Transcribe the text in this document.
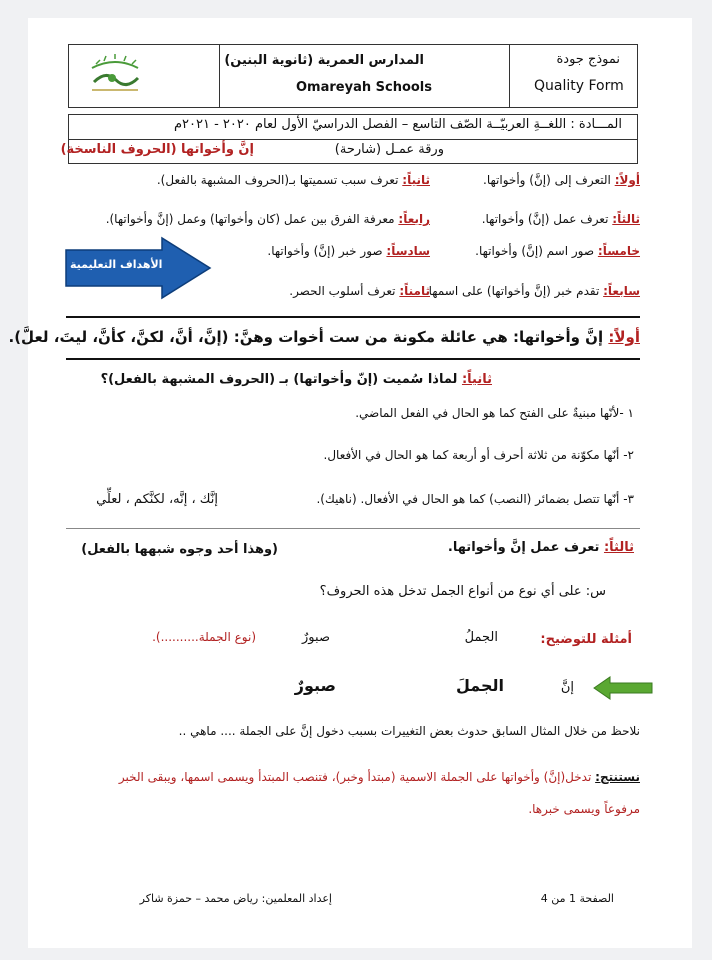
المدارس العمرية (ثانوية البنين)
Omareyah Schools
نموذج جودة
Quality Form
المـــادة : اللغــةِ العربيّــة الصّف التاسع – الفصل الدراسيّ الأول لعام ٢٠٢٠ - ٢٠٢١م
ورقة عمـل (شارحة)
إنَّ وأخواتها (الحروف الناسخة)
أولاً: التعرف إلى (إنَّ) وأخواتها.
ثانياً: تعرف سبب تسميتها بـ(الحروف المشبهة بالفعل).
ثالثاً: تعرف عمل (إنَّ) وأخواتها.
رابعاً: معرفة الفرق بين عمل (كان وأخواتها) وعمل (إنَّ وأخواتها).
خامساً: صور اسم (إنَّ) وأخواتها.
سادساً: صور خبر (إنَّ) وأخواتها.
سابعاً: تقدم خبر (إنَّ وأخواتها) على اسمها
ثامناً: تعرف أسلوب الحصر.
الأهداف التعليمية
أولاً: إنَّ وأخواتها: هي عائلة مكونة من ست أخوات وهنَّ: (إنَّ، أنَّ، لكنَّ، كأنَّ، ليتَ، لعلَّ).
ثانياً: لماذا سُميت (إنّ وأخواتها) بـ (الحروف المشبهة بالفعل)؟
١ -لأنّها مبنيةٌ على الفتح كما هو الحال في الفعل الماضي.
٢- أنّها مكوّنة من ثلاثة أحرف أو أربعة كما هو الحال في الأفعال.
٣- أنّها تتصل بضمائر (النصب) كما هو الحال في الأفعال. (ناهيك).
إنَّك ، إنَّه، لكنَّكم ، لعلِّي
ثالثاً: تعرف عمل إنَّ وأخواتها.
(وهذا أحد وجوه شبهها بالفعل)
س: على أي نوع من أنواع الجمل تدخل هذه الحروف؟
أمثلة للتوضيح:
الجملُ
صبورٌ
(نوع الجملة..........).
إنَّ
الجملَ
صبورٌ
نلاحظ من خلال المثال السابق حدوث بعض التغييرات بسبب دخول إنَّ على الجملة .... ماهي ..
نستنتج: تدخل(إنَّ) وأخواتها على الجملة الاسمية (مبتدأ وخبر)، فتنصب المبتدأ ويسمى اسمها، ويبقى الخبر
مرفوعاً ويسمى خبرها.
إعداد المعلمين: رياض محمد – حمزة شاكر	الصفحة 1 من 4
